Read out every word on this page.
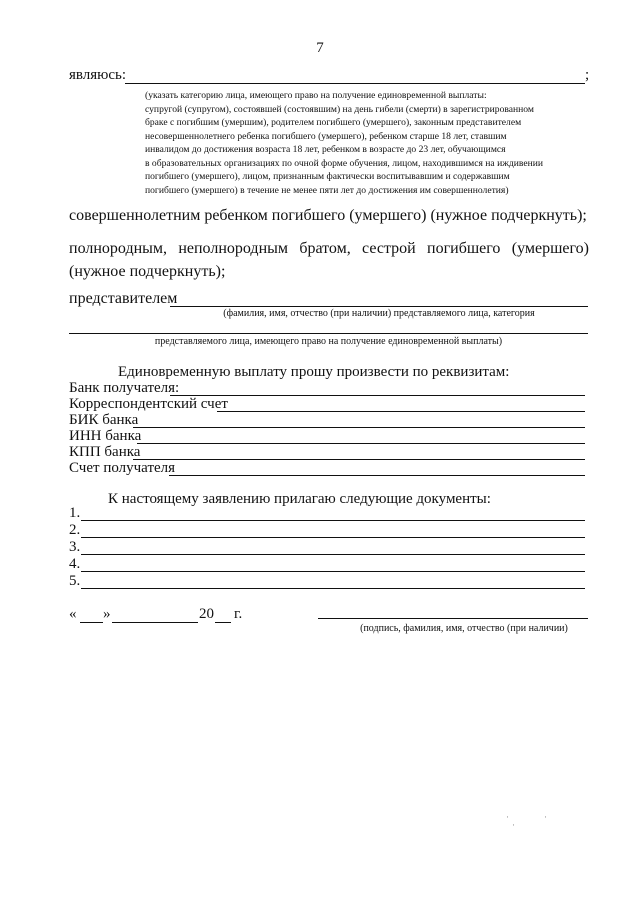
7
являюсь:	;
(указать категорию лица, имеющего право на получение единовременной выплаты:
супругой (супругом), состоявшей (состоявшим) на день гибели (смерти) в зарегистрированном
браке с погибшим (умершим), родителем погибшего (умершего), законным представителем
несовершеннолетнего ребенка погибшего (умершего), ребенком старше 18 лет, ставшим
инвалидом до достижения возраста 18 лет, ребенком в возрасте до 23 лет, обучающимся
в образовательных организациях по очной форме обучения, лицом, находившимся на иждивении
погибшего (умершего), лицом, признанным фактически воспитывавшим и содержавшим
погибшего (умершего) в течение не менее пяти лет до достижения им совершеннолетия)
совершеннолетним ребенком погибшего (умершего) (нужное подчеркнуть);
полнородным, неполнородным братом, сестрой погибшего (умершего) (нужное подчеркнуть);
представителем
(фамилия, имя, отчество (при наличии) представляемого лица, категория
представляемого лица, имеющего право на получение единовременной выплаты)
Единовременную выплату прошу произвести по реквизитам:
Банк получателя:
Корреспондентский счет
БИК банка
ИНН банка
КПП банка
Счет получателя
К настоящему заявлению прилагаю следующие документы:
1.
2.
3.
4.
5.
« »	20 г.
(подпись, фамилия, имя, отчество (при наличии)
·
·
·
